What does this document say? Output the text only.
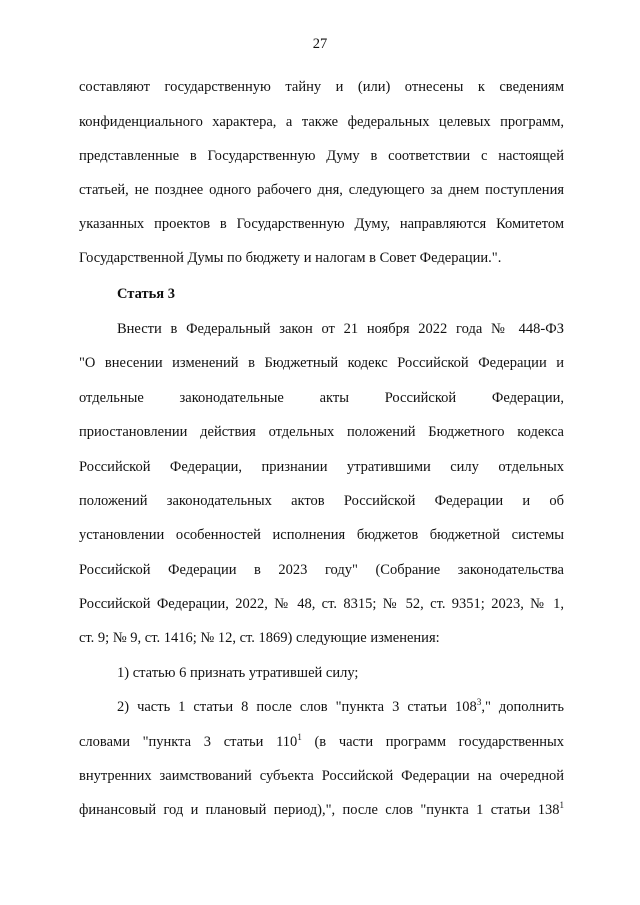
27
составляют государственную тайну и (или) отнесены к сведениям
конфиденциального характера, а также федеральных целевых программ,
представленные в Государственную Думу в соответствии с настоящей
статьей, не позднее одного рабочего дня, следующего за днем поступления
указанных проектов в Государственную Думу, направляются Комитетом
Государственной Думы по бюджету и налогам в Совет Федерации.".
Статья 3
Внести в Федеральный закон от 21 ноября 2022 года № 448-ФЗ
"О внесении изменений в Бюджетный кодекс Российской Федерации и
отдельные законодательные акты Российской Федерации,
приостановлении действия отдельных положений Бюджетного кодекса
Российской Федерации, признании утратившими силу отдельных
положений законодательных актов Российской Федерации и об
установлении особенностей исполнения бюджетов бюджетной системы
Российской Федерации в 2023 году" (Собрание законодательства
Российской Федерации, 2022, № 48, ст. 8315; № 52, ст. 9351; 2023, № 1,
ст. 9; № 9, ст. 1416; № 12, ст. 1869) следующие изменения:
1) статью 6 признать утратившей силу;
2) часть 1 статьи 8 после слов "пункта 3 статьи $108^3$," дополнить
словами "пункта 3 статьи $110^1$ (в части программ государственных
внутренних заимствований субъекта Российской Федерации на очередной
финансовый год и плановый период),", после слов "пункта 1 статьи $138^1$
